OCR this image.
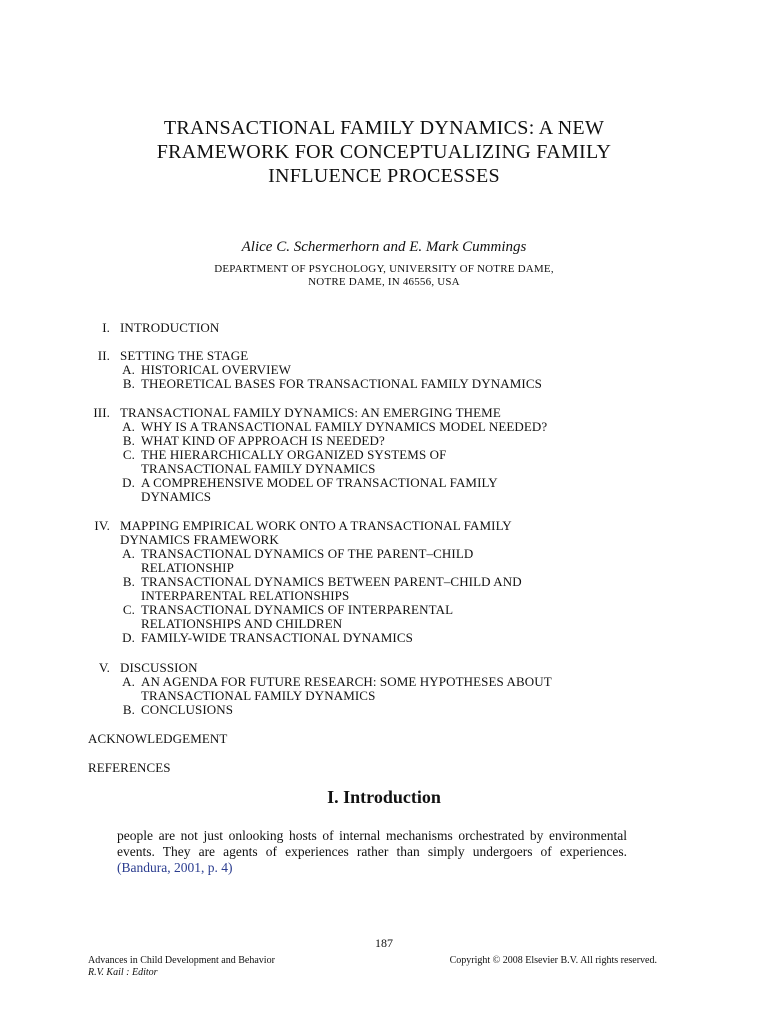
TRANSACTIONAL FAMILY DYNAMICS: A NEW
FRAMEWORK FOR CONCEPTUALIZING FAMILY
INFLUENCE PROCESSES
Alice C. Schermerhorn and E. Mark Cummings
DEPARTMENT OF PSYCHOLOGY, UNIVERSITY OF NOTRE DAME,
NOTRE DAME, IN 46556, USA
I. INTRODUCTION
II. SETTING THE STAGE
A. HISTORICAL OVERVIEW
B. THEORETICAL BASES FOR TRANSACTIONAL FAMILY DYNAMICS
III. TRANSACTIONAL FAMILY DYNAMICS: AN EMERGING THEME
A. WHY IS A TRANSACTIONAL FAMILY DYNAMICS MODEL NEEDED?
B. WHAT KIND OF APPROACH IS NEEDED?
C. THE HIERARCHICALLY ORGANIZED SYSTEMS OF
TRANSACTIONAL FAMILY DYNAMICS
D. A COMPREHENSIVE MODEL OF TRANSACTIONAL FAMILY
DYNAMICS
IV. MAPPING EMPIRICAL WORK ONTO A TRANSACTIONAL FAMILY
DYNAMICS FRAMEWORK
A. TRANSACTIONAL DYNAMICS OF THE PARENT–CHILD
RELATIONSHIP
B. TRANSACTIONAL DYNAMICS BETWEEN PARENT–CHILD AND
INTERPARENTAL RELATIONSHIPS
C. TRANSACTIONAL DYNAMICS OF INTERPARENTAL
RELATIONSHIPS AND CHILDREN
D. FAMILY-WIDE TRANSACTIONAL DYNAMICS
V. DISCUSSION
A. AN AGENDA FOR FUTURE RESEARCH: SOME HYPOTHESES ABOUT
TRANSACTIONAL FAMILY DYNAMICS
B. CONCLUSIONS
ACKNOWLEDGEMENT
REFERENCES
I. Introduction
people are not just onlooking hosts of internal mechanisms orchestrated by environmental events. They are agents of experiences rather than simply undergoers of experiences. (Bandura, 2001, p. 4)
187
Advances in Child Development and Behavior
R.V. Kail : Editor
Copyright © 2008 Elsevier B.V. All rights reserved.
